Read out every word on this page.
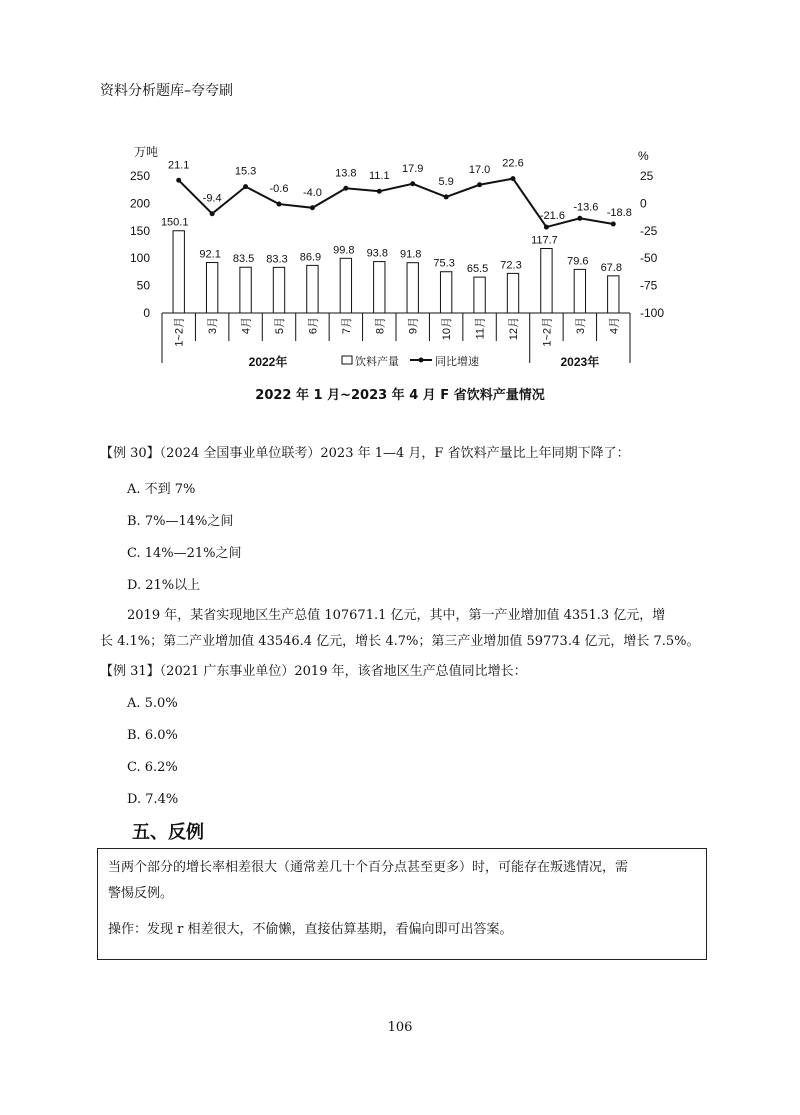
资料分析题库–夸夸刷
万吨	%
250
200
150
100
50
0
25
0
-25
-50
-75
-100
150.1
92.1 83.5 83.3 86.9
99.8 93.8 91.8
75.3 65.5 72.3
117.7
79.6
67.8
21.1
-9.4
15.3
-0.6 -4.0
13.8 11.1
17.9
5.9
17.0
22.6
-21.6
-13.6 -18.8
1~2月 3月 4月 5月 6月 7月 8月 9月 10月 11月 12月 1~2月 3月 4月
2022年	2023年
饮料产量	同比增速
2022 年 1 月~2023 年 4 月 F 省饮料产量情况
【例 30】（2024 全国事业单位联考）2023 年 1—4 月，F 省饮料产量比上年同期下降了：
A. 不到 7%
B. 7%—14%之间
C. 14%—21%之间
D. 21%以上
2019 年，某省实现地区生产总值 107671.1 亿元，其中，第一产业增加值 4351.3 亿元，增
长 4.1%；第二产业增加值 43546.4 亿元，增长 4.7%；第三产业增加值 59773.4 亿元，增长 7.5%。
【例 31】（2021 广东事业单位）2019 年，该省地区生产总值同比增长：
A. 5.0%
B. 6.0%
C. 6.2%
D. 7.4%
五、反例

当两个部分的增长率相差很大（通常差几十个百分点甚至更多）时，可能存在叛逃情况，需

警惕反例。

操作：发现 r 相差很大，不偷懒，直接估算基期，看偏向即可出答案。

106
